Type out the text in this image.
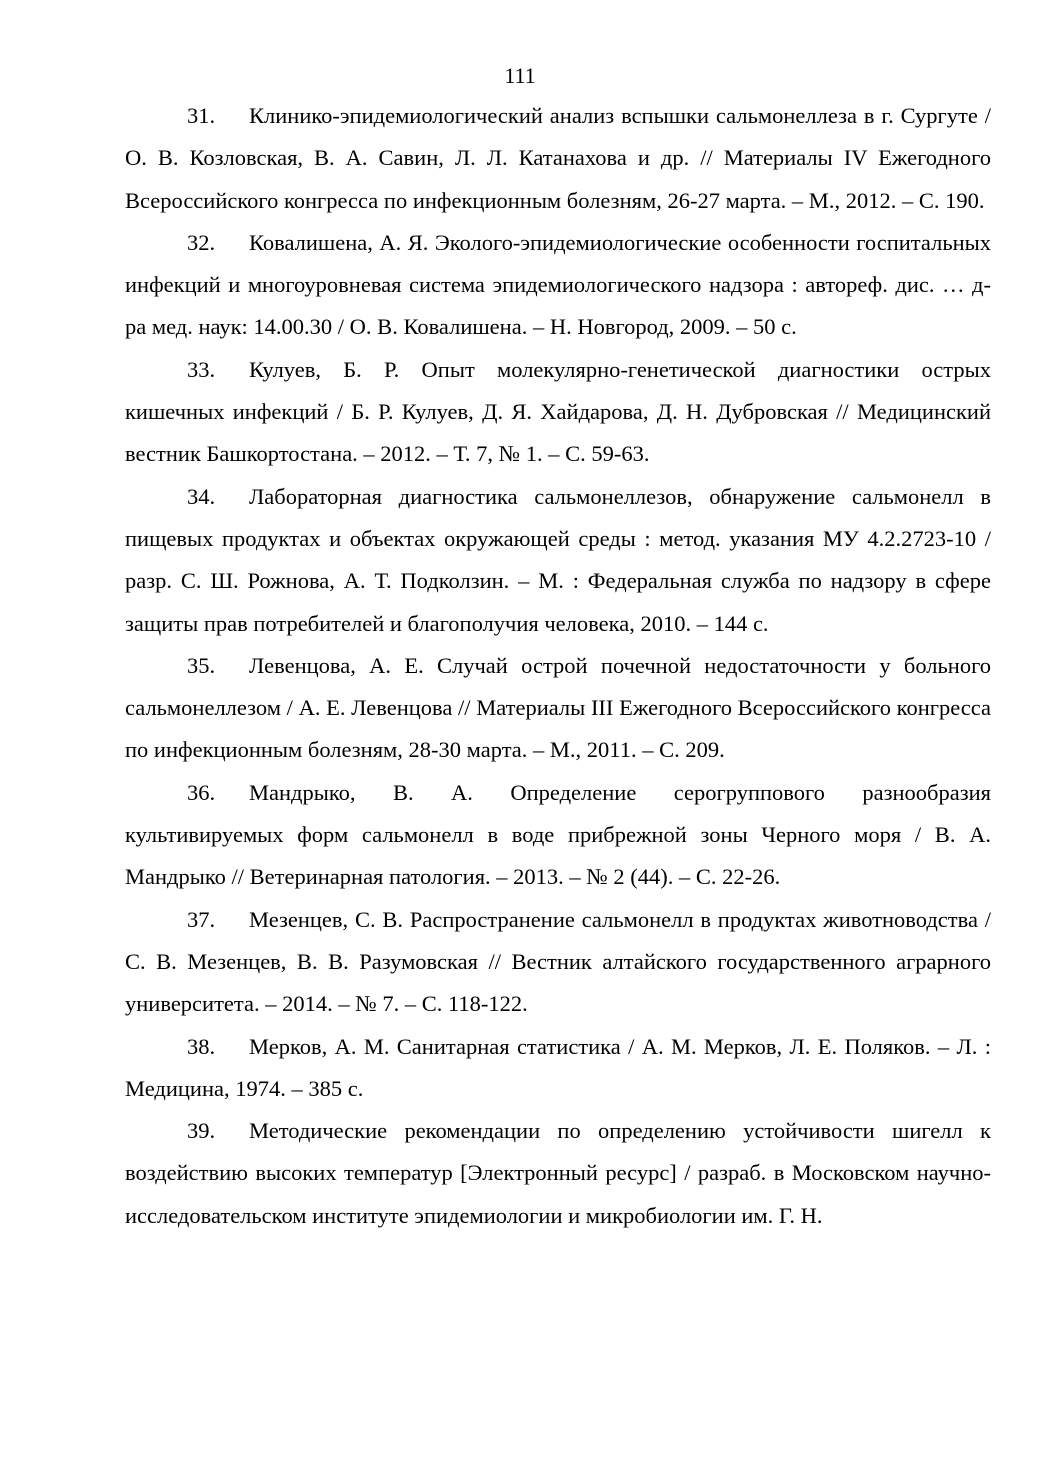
111
31. Клинико-эпидемиологический анализ вспышки сальмонеллеза в г. Сургуте / О. В. Козловская, В. А. Савин, Л. Л. Катанахова и др. // Материалы IV Ежегодного Всероссийского конгресса по инфекционным болезням, 26-27 марта. – М., 2012. – С. 190.
32. Ковалишена, А. Я. Эколого-эпидемиологические особенности госпитальных инфекций и многоуровневая система эпидемиологического надзора : автореф. дис. … д-ра мед. наук: 14.00.30 / О. В. Ковалишена. – Н. Новгород, 2009. – 50 с.
33. Кулуев, Б. Р. Опыт молекулярно-генетической диагностики острых кишечных инфекций / Б. Р. Кулуев, Д. Я. Хайдарова, Д. Н. Дубровская // Медицинский вестник Башкортостана. – 2012. – Т. 7, № 1. – С. 59-63.
34. Лабораторная диагностика сальмонеллезов, обнаружение сальмонелл в пищевых продуктах и объектах окружающей среды : метод. указания МУ 4.2.2723-10 / разр. С. Ш. Рожнова, А. Т. Подколзин. – М. : Федеральная служба по надзору в сфере защиты прав потребителей и благополучия человека, 2010. – 144 с.
35. Левенцова, А. Е. Случай острой почечной недостаточности у больного сальмонеллезом / А. Е. Левенцова // Материалы III Ежегодного Всероссийского конгресса по инфекционным болезням, 28-30 марта. – М., 2011. – С. 209.
36. Мандрыко, В. А. Определение серогруппового разнообразия культивируемых форм сальмонелл в воде прибрежной зоны Черного моря / В. А. Мандрыко // Ветеринарная патология. – 2013. – № 2 (44). – С. 22-26.
37. Мезенцев, С. В. Распространение сальмонелл в продуктах животноводства / С. В. Мезенцев, В. В. Разумовская // Вестник алтайского государственного аграрного университета. – 2014. – № 7. – С. 118-122.
38. Мерков, А. М. Санитарная статистика / А. М. Мерков, Л. Е. Поляков. – Л. : Медицина, 1974. – 385 с.
39. Методические рекомендации по определению устойчивости шигелл к воздействию высоких температур [Электронный ресурс] / разраб. в Московском научно-исследовательском институте эпидемиологии и микробиологии им. Г. Н.
